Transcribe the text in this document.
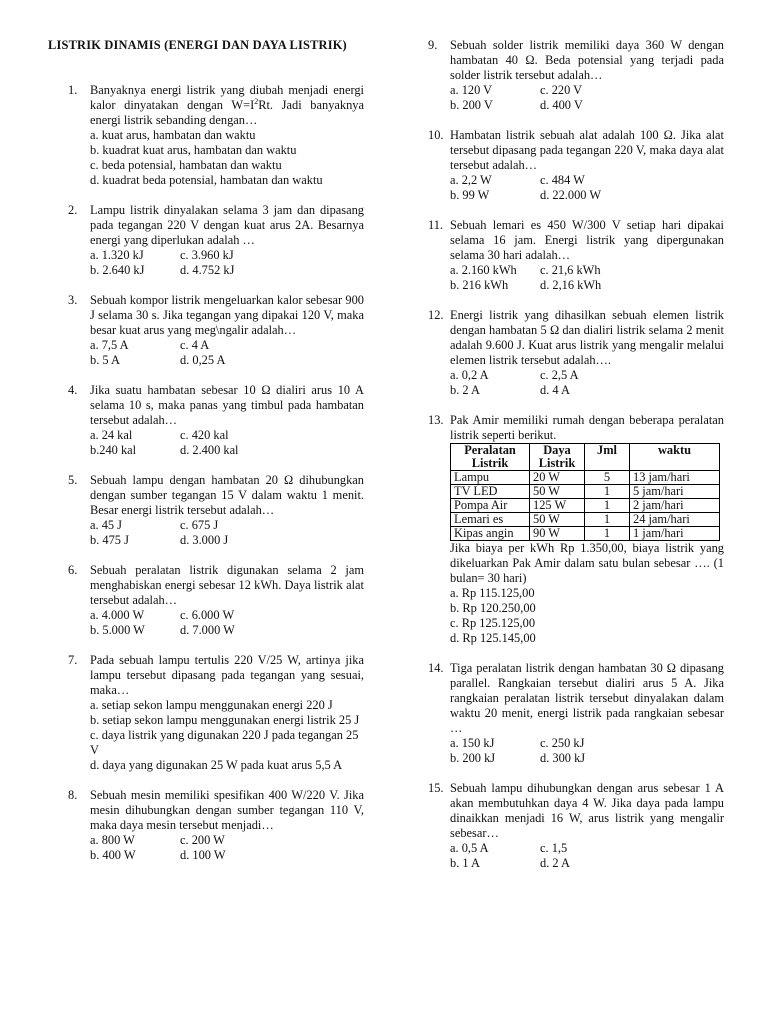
LISTRIK DINAMIS (ENERGI DAN DAYA LISTRIK)
1. Banyaknya energi listrik yang diubah menjadi energi kalor dinyatakan dengan $W=I^2Rt$. Jadi banyaknya energi listrik sebanding dengan…
a. kuat arus, hambatan dan waktu
b. kuadrat kuat arus, hambatan dan waktu
c. beda potensial, hambatan dan waktu
d. kuadrat beda potensial, hambatan dan waktu
2. Lampu listrik dinyalakan selama 3 jam dan dipasang pada tegangan 220 V dengan kuat arus 2A. Besarnya energi yang diperlukan adalah …
a. 1.320 kJ	c. 3.960 kJ
b. 2.640 kJ	d. 4.752 kJ
3. Sebuah kompor listrik mengeluarkan kalor sebesar 900 J selama 30 s. Jika tegangan yang dipakai 120 V, maka besar kuat arus yang meg\ngalir adalah…
a. 7,5 A	c. 4 A
b. 5 A	d. 0,25 A
4. Jika suatu hambatan sebesar 10 Ω dialiri arus 10 A selama 10 s, maka panas yang timbul pada hambatan tersebut adalah…
a. 24 kal	c. 420 kal
b.240 kal	d. 2.400 kal
5. Sebuah lampu dengan hambatan 20 Ω dihubungkan dengan sumber tegangan 15 V dalam waktu 1 menit. Besar energi listrik tersebut adalah…
a. 45 J	c. 675 J
b. 475 J	d. 3.000 J
6. Sebuah peralatan listrik digunakan selama 2 jam menghabiskan energi sebesar 12 kWh. Daya listrik alat tersebut adalah…
a. 4.000 W	c. 6.000 W
b. 5.000 W	d. 7.000 W
7. Pada sebuah lampu tertulis 220 V/25 W, artinya jika lampu tersebut dipasang pada tegangan yang sesuai, maka…
a. setiap sekon lampu menggunakan energi 220 J
b. setiap sekon lampu menggunakan energi listrik 25 J
c. daya listrik yang digunakan 220 J pada tegangan 25 V
d. daya yang digunakan 25 W pada kuat arus 5,5 A
8. Sebuah mesin memiliki spesifikan 400 W/220 V. Jika mesin dihubungkan dengan sumber tegangan 110 V, maka daya mesin tersebut menjadi…
a. 800 W	c. 200 W
b. 400 W	d. 100 W
9. Sebuah solder listrik memiliki daya 360 W dengan hambatan 40 Ω. Beda potensial yang terjadi pada solder listrik tersebut adalah…
a. 120 V	c. 220 V
b. 200 V	d. 400 V
10. Hambatan listrik sebuah alat adalah 100 Ω. Jika alat tersebut dipasang pada tegangan 220 V, maka daya alat tersebut adalah…
a. 2,2 W	c. 484 W
b. 99 W	d. 22.000 W
11. Sebuah lemari es 450 W/300 V setiap hari dipakai selama 16 jam. Energi listrik yang dipergunakan selama 30 hari adalah…
a. 2.160 kWh	c. 21,6 kWh
b. 216 kWh	d. 2,16 kWh
12. Energi listrik yang dihasilkan sebuah elemen listrik dengan hambatan 5 Ω dan dialiri listrik selama 2 menit adalah 9.600 J. Kuat arus listrik yang mengalir melalui elemen listrik tersebut adalah….
a. 0,2 A	c. 2,5 A
b. 2 A	d. 4 A
13. Pak Amir memiliki rumah dengan beberapa peralatan listrik seperti berikut.
Peralatan Listrik	Daya Listrik	Jml	waktu
Lampu	20 W	5	13 jam/hari
TV LED	50 W	1	5 jam/hari
Pompa Air	125 W	1	2 jam/hari
Lemari es	50 W	1	24 jam/hari
Kipas angin	90 W	1	1 jam/hari
Jika biaya per kWh Rp 1.350,00, biaya listrik yang dikeluarkan Pak Amir dalam satu bulan sebesar …. (1 bulan= 30 hari)
a. Rp 115.125,00
b. Rp 120.250,00
c. Rp 125.125,00
d. Rp 125.145,00
14. Tiga peralatan listrik dengan hambatan 30 Ω dipasang parallel. Rangkaian tersebut dialiri arus 5 A. Jika rangkaian peralatan listrik tersebut dinyalakan dalam waktu 20 menit, energi listrik pada rangkaian sebesar …
a. 150 kJ	c. 250 kJ
b. 200 kJ	d. 300 kJ
15. Sebuah lampu dihubungkan dengan arus sebesar 1 A akan membutuhkan daya 4 W. Jika daya pada lampu dinaikkan menjadi 16 W, arus listrik yang mengalir sebesar…
a. 0,5 A	c. 1,5
b. 1 A	d. 2 A
